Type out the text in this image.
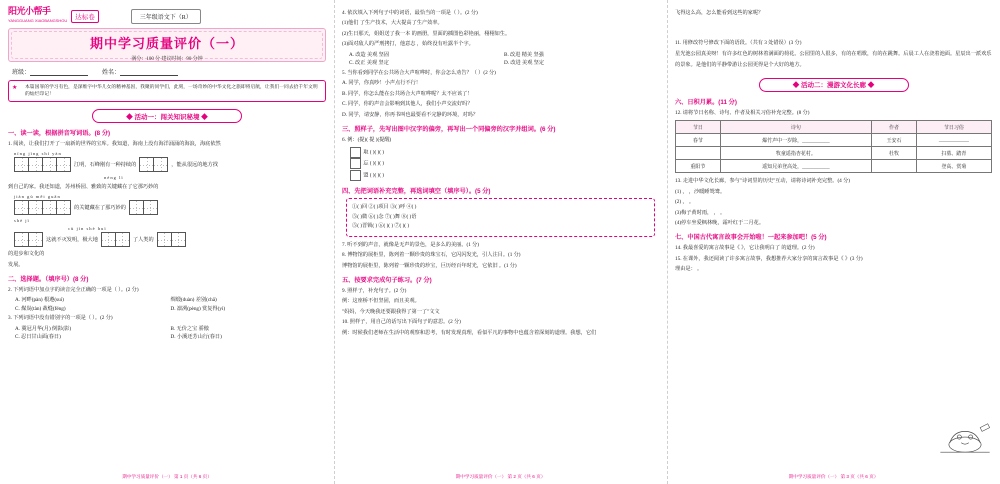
阳光小帮手
YANGGUANG XIAOBANGSHOU	达标卷	三年级语文下（R）
期中学习质量评价（一）
满分：100 分 建议时间：90 分钟
班级：	姓名：
★ 本篇国罪的学习有色，是深维字中华儿女的精神基因，我聚的同学们，此刻，一场奇妙的中华文化之旅即将启航，让我们一同去拾千年文明的灿烂印记！
◆ 活动一：闯关知识秘境 ◆
一、读一读，根据拼音写词语。(8 分)

1. 阅读，让我们打开了一扇新的世界的宝库。我知道，海南上没有海洋涌涌的海浪，海底依然

níng jìng shí yàn
江明，石峰刚有一种持续的	，能从很远的地方找
néng lì

到自己的家。我还知道，苏州桥园、雅致的关键藏在了它那巧妙的

jiàn gù měi guān
的关键藏在了那巧妙的
shè jì
cù jìn shè huì
这就不灭发明，极大地	了人类的

的进步和文化的

发展。

二、选择题。（填序号）(8 分)

2. 下列词语中加点字的读音完全正确的一项是（ ）。(2 分)

A. 河畔(pàn) 根遵(suí)	绸缎(duàn) 差别(chā)
C. 煤炭(tàn) 裁缝(féng)	D. 凛冽(pèng) 赏复得(yì)

3. 下列词语中没有错别字的一项是（ ）。(2 分)

A. 冀冠月华(月) 倒影(影)	B. 无价之宝 骄傲
C. 忍日甘山面(春日)	D. 小溪还芳山行(春日)
期中学习质量评价（一） 第 1 页（共 6 页）

4. 依次填入下列句子中的词语，最恰当的一项是（ ）。(2 分)

(1)他们 了生产技术，大大提高了生产效率。

(2)生日那天，姐姐送了我一本 的画册，里面的插图色彩艳丽，栩栩如生。

(3)面对敌人的严刑拷打，他意志 ，始终没有吐露半个字。

A. 改造 美观 坚固	B. 改进 精美 坚强
C. 改正 美观 坚定	D. 改进 美观 坚定

5. 当你看到同学在公共场合大声喧哗时，你会怎么劝告？（ ）(2 分)

A. 同学，你真吵！小声点行不行！

B. 同学，你怎么能在公共场合大声喧哗呢？太不应该了！

C. 同学，你的声音会影响到其他人，我们小声交流好吗？

D. 同学，请安静，你再书叫也最要看不完静的环境，对吗？

三、照样子，先写出图中汉字的偏旁，再写出一个同偏旁的汉字并组词。(6 分)

6. 例：(提)( 提 )(提醒)

取 ( )( )( )
忘 ( )( )( )
盟 ( )( )( )
四、先把词语补充完整，再选词填空（填序号）。(5 分)
①( )回 ②( )项目 ③( )呼 ④( )
⑤( )微 ⑥( )念 ⑦( )舞 ⑧( )语
⑤( )晋锁( ) ⑥( )( ) ⑦( )( )

7. 听不到的声音，就像是无声的景色，是多么的美丽。(1 分)

8. 博物馆的展柜里，陈列着一颗珍贵的珠宝石，它闪闪发光，引人注目。(1 分)

博物馆的展柜里，陈列着一颗珍贵的珍宝，巨历经百年时光，它依旧 。(1 分)

五、按要求完成句子练习。(7 分)

9. 照样子，补充句子。(2 分)

例：这座桥不但坚固，而且美观。

"妈妈，今天晚我还要跟我得了第一了"文文

10. 照样子，用自己的话写出下面句子的意思。(2 分)

例：时候我们老师在生活中的观察和思考，有时发现真理，看似平凡的事物中也蕴含着深刻的道理。我想，它们

期中学习质量评价（一） 第 2 页（共 6 页）

飞得这么高，怎么能看到这些的家呢？

11. 用修改符号修改下面的语段。（共有 3 处错误）(3 分)

星光池公园真美呀！有许多红色的树林着满面的荷花。公园里的人很多，有的在唱歌，有的在跳舞。后晨工人在浇着池面。星辰出一派欢乐的景象。是他们的平静带游让公园更得是个大好的地方。

◆ 活动二：漫游文化长廊 ◆
六、日积月累。(11 分)

12. 请将节日名称、诗句、作者及相关习俗补充完整。(8 分)

节日	诗句	作者	节日习俗
春节	爆竹声中一岁除，___________	王安石	____________
	牧童遥指杏花村。	杜牧	扫墓、踏青
重阳节	遥知兄弟登高处，___________		登高、赏菊

13. 走进中华文化长廊，参与"诗词里的历史"互动，请将诗词补充完整。(4 分)

(1) ， ，沙暖睡鸳鸯。

(2) ， 。

(3)梅子黄时雨， ， 。

(4)停车坐爱枫林晚，霜叶红于二月花。

七、中国古代寓言故事会开始啦！一起来参加吧！(5 分)

14. 我最喜爱的寓言故事是《 》，它让我明白了 的道理。(2 分)

15. 在课外，我还阅读了许多寓言故事，我想推荐大家分享的寓言故事是《 》(3 分)

理由是： 。

期中学习质量评价（一） 第 3 页（共 6 页）
